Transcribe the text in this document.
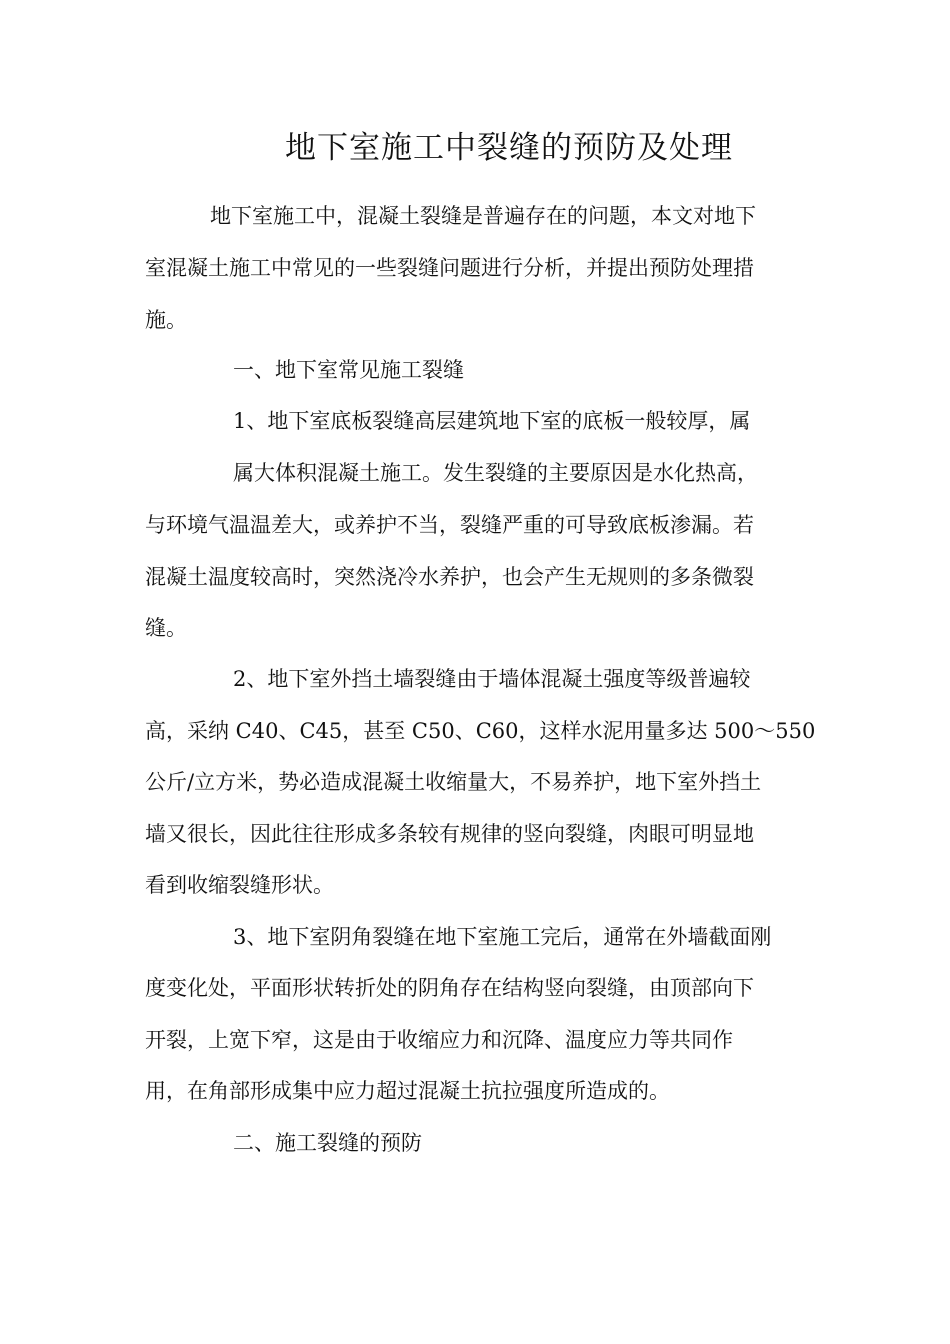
地下室施工中裂缝的预防及处理
地下室施工中，混凝土裂缝是普遍存在的问题，本文对地下
室混凝土施工中常见的一些裂缝问题进行分析，并提出预防处理措
施。
一、地下室常见施工裂缝
1、地下室底板裂缝高层建筑地下室的底板一般较厚，属
属大体积混凝土施工。发生裂缝的主要原因是水化热高，
与环境气温温差大，或养护不当，裂缝严重的可导致底板渗漏。若
混凝土温度较高时，突然浇冷水养护，也会产生无规则的多条微裂
缝。
2、地下室外挡土墙裂缝由于墙体混凝土强度等级普遍较
高，采纳 C40、C45，甚至 C50、C60，这样水泥用量多达 500～550
公斤/立方米，势必造成混凝土收缩量大，不易养护，地下室外挡土
墙又很长，因此往往形成多条较有规律的竖向裂缝，肉眼可明显地
看到收缩裂缝形状。
3、地下室阴角裂缝在地下室施工完后，通常在外墙截面刚
度变化处，平面形状转折处的阴角存在结构竖向裂缝，由顶部向下
开裂，上宽下窄，这是由于收缩应力和沉降、温度应力等共同作
用，在角部形成集中应力超过混凝土抗拉强度所造成的。
二、施工裂缝的预防
